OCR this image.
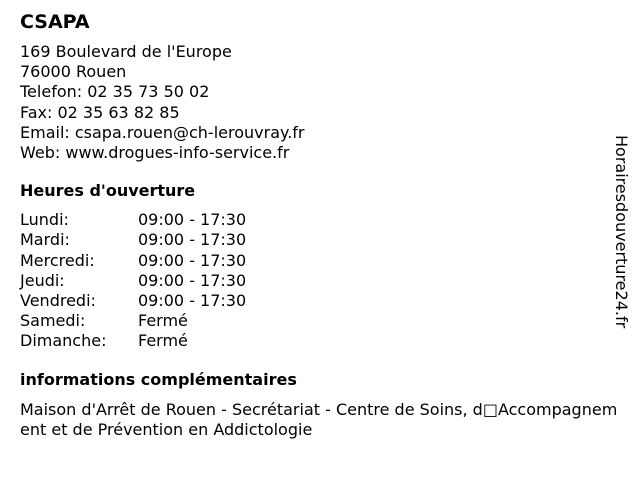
CSAPA
169 Boulevard de l'Europe
76000 Rouen
Telefon: 02 35 73 50 02
Fax: 02 35 63 82 85
Email: csapa.rouen@ch-lerouvray.fr
Web: www.drogues-info-service.fr
Heures d'ouverture
Lundi:	09:00 - 17:30
Mardi:	09:00 - 17:30
Mercredi:	09:00 - 17:30
Jeudi:	09:00 - 17:30
Vendredi:	09:00 - 17:30
Samedi:	Fermé
Dimanche:	Fermé
informations complémentaires
Maison d'Arrêt de Rouen - Secrétariat - Centre de Soins, d□Accompagnement et de Prévention en Addictologie
Horairesdouverture24.fr
